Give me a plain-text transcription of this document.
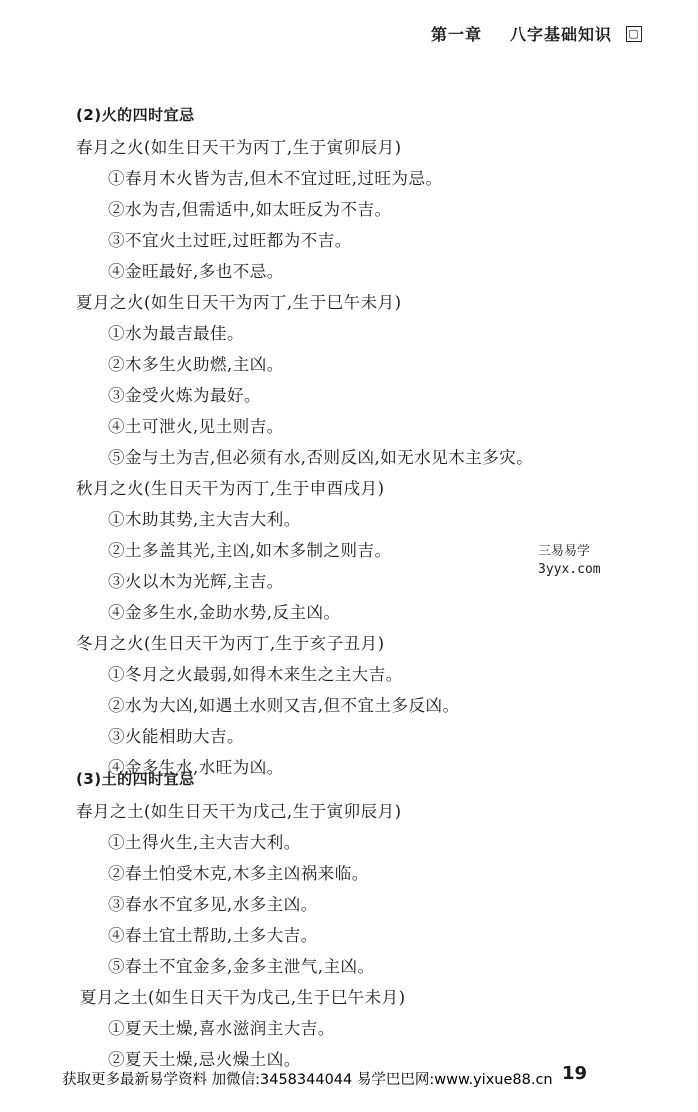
第一章 八字基础知识 ▢
(2)火的四时宜忌
春月之火(如生日天干为丙丁,生于寅卯辰月)
①春月木火皆为吉,但木不宜过旺,过旺为忌。
②水为吉,但需适中,如太旺反为不吉。
③不宜火土过旺,过旺都为不吉。
④金旺最好,多也不忌。
夏月之火(如生日天干为丙丁,生于巳午未月)
①水为最吉最佳。
②木多生火助燃,主凶。
③金受火炼为最好。
④土可泄火,见土则吉。
⑤金与土为吉,但必须有水,否则反凶,如无水见木主多灾。
秋月之火(生日天干为丙丁,生于申酉戌月)
①木助其势,主大吉大利。
②土多盖其光,主凶,如木多制之则吉。
③火以木为光辉,主吉。
④金多生水,金助水势,反主凶。
冬月之火(生日天干为丙丁,生于亥子丑月)
①冬月之火最弱,如得木来生之主大吉。
②水为大凶,如遇土水则又吉,但不宜土多反凶。
③火能相助大吉。
④金多生水,水旺为凶。
(3)土的四时宜忌
春月之土(如生日天干为戊己,生于寅卯辰月)
①土得火生,主大吉大利。
②春土怕受木克,木多主凶祸来临。
③春水不宜多见,水多主凶。
④春土宜土帮助,土多大吉。
⑤春土不宜金多,金多主泄气,主凶。
夏月之土(如生日天干为戊己,生于巳午未月)
①夏天土燥,喜水滋润主大吉。
②夏天土燥,忌火燥土凶。
三易易学
3yyx.com
19
获取更多最新易学资料 加微信:3458344044 易学巴巴网:www.yixue88.cn
